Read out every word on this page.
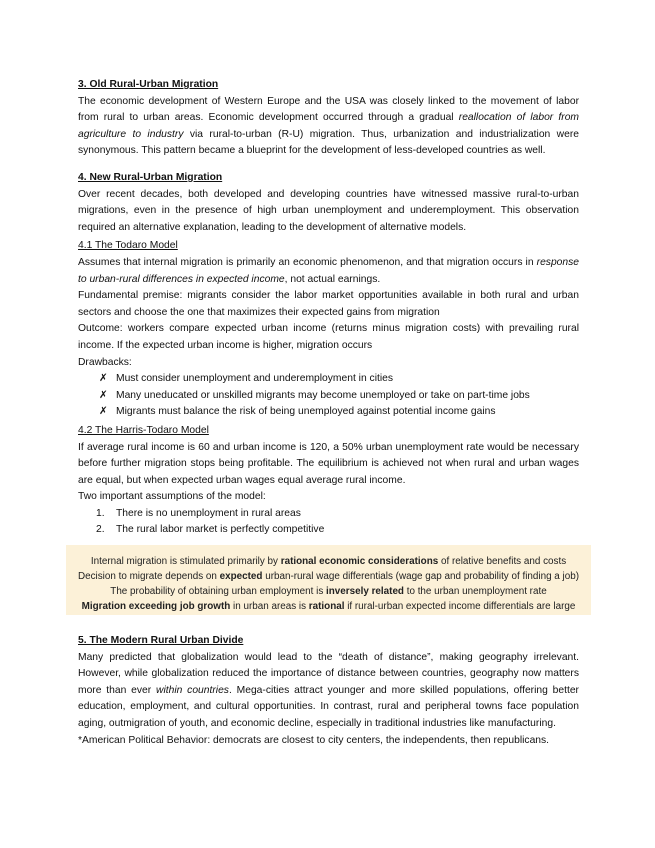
3. Old Rural-Urban Migration

The economic development of Western Europe and the USA was closely linked to the movement of labor from rural to urban areas. Economic development occurred through a gradual reallocation of labor from agriculture to industry via rural-to-urban (R-U) migration. Thus, urbanization and industrialization were synonymous. This pattern became a blueprint for the development of less-developed countries as well.

4. New Rural-Urban Migration

Over recent decades, both developed and developing countries have witnessed massive rural-to-urban migrations, even in the presence of high urban unemployment and underemployment. This observation required an alternative explanation, leading to the development of alternative models.

4.1 The Todaro Model

Assumes that internal migration is primarily an economic phenomenon, and that migration occurs in response to urban-rural differences in expected income, not actual earnings.

Fundamental premise: migrants consider the labor market opportunities available in both rural and urban sectors and choose the one that maximizes their expected gains from migration

Outcome: workers compare expected urban income (returns minus migration costs) with prevailing rural income. If the expected urban income is higher, migration occurs

Drawbacks:

✗ Must consider unemployment and underemployment in cities
✗ Many uneducated or unskilled migrants may become unemployed or take on part-time jobs
✗ Migrants must balance the risk of being unemployed against potential income gains
4.2 The Harris-Todaro Model

If average rural income is 60 and urban income is 120, a 50% urban unemployment rate would be necessary before further migration stops being profitable. The equilibrium is achieved not when rural and urban wages are equal, but when expected urban wages equal average rural income.

Two important assumptions of the model:

1. There is no unemployment in rural areas
2. The rural labor market is perfectly competitive
Internal migration is stimulated primarily by rational economic considerations of relative benefits and costs
Decision to migrate depends on expected urban-rural wage differentials (wage gap and probability of finding a job)
The probability of obtaining urban employment is inversely related to the urban unemployment rate
Migration exceeding job growth in urban areas is rational if rural-urban expected income differentials are large
5. The Modern Rural Urban Divide

Many predicted that globalization would lead to the “death of distance”, making geography irrelevant. However, while globalization reduced the importance of distance between countries, geography now matters more than ever within countries. Mega-cities attract younger and more skilled populations, offering better education, employment, and cultural opportunities. In contrast, rural and peripheral towns face population aging, outmigration of youth, and economic decline, especially in traditional industries like manufacturing.

*American Political Behavior: democrats are closest to city centers, the independents, then republicans.
